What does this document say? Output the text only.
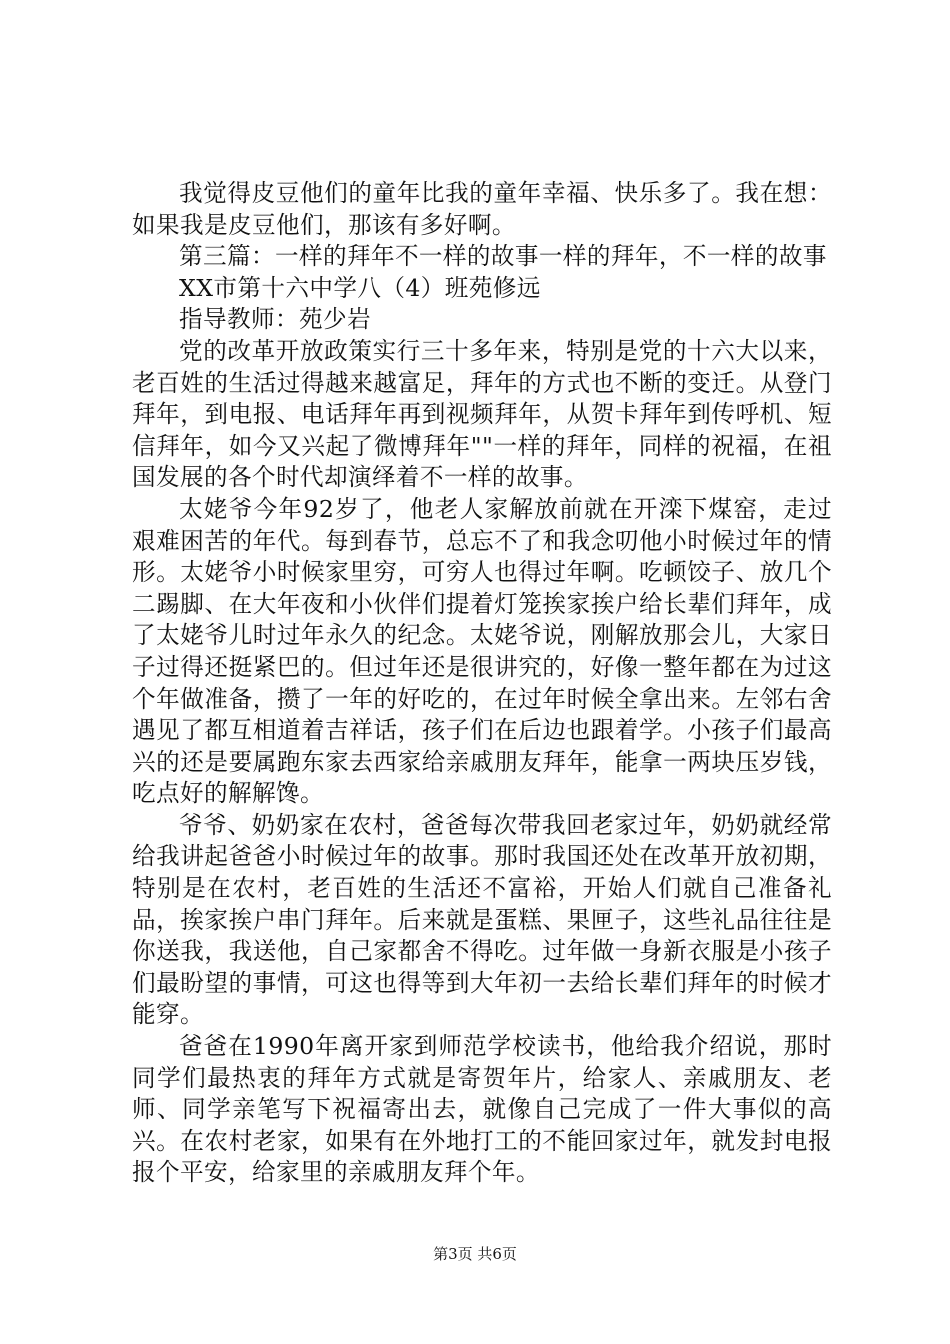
我觉得皮豆他们的童年比我的童年幸福、快乐多了。我在想：如果我是皮豆他们，那该有多好啊。

第三篇：一样的拜年不一样的故事一样的拜年，不一样的故事

XX市第十六中学八（4）班苑修远

指导教师：苑少岩

党的改革开放政策实行三十多年来，特别是党的十六大以来，老百姓的生活过得越来越富足，拜年的方式也不断的变迁。从登门拜年，到电报、电话拜年再到视频拜年，从贺卡拜年到传呼机、短信拜年，如今又兴起了微博拜年""一样的拜年，同样的祝福，在祖国发展的各个时代却演绎着不一样的故事。

太姥爷今年92岁了，他老人家解放前就在开滦下煤窑，走过艰难困苦的年代。每到春节，总忘不了和我念叨他小时候过年的情形。太姥爷小时候家里穷，可穷人也得过年啊。吃顿饺子、放几个二踢脚、在大年夜和小伙伴们提着灯笼挨家挨户给长辈们拜年，成了太姥爷儿时过年永久的纪念。太姥爷说，刚解放那会儿，大家日子过得还挺紧巴的。但过年还是很讲究的，好像一整年都在为过这个年做准备，攒了一年的好吃的，在过年时候全拿出来。左邻右舍遇见了都互相道着吉祥话，孩子们在后边也跟着学。小孩子们最高兴的还是要属跑东家去西家给亲戚朋友拜年，能拿一两块压岁钱，吃点好的解解馋。

爷爷、奶奶家在农村，爸爸每次带我回老家过年，奶奶就经常给我讲起爸爸小时候过年的故事。那时我国还处在改革开放初期，特别是在农村，老百姓的生活还不富裕，开始人们就自己准备礼品，挨家挨户串门拜年。后来就是蛋糕、果匣子，这些礼品往往是你送我，我送他，自己家都舍不得吃。过年做一身新衣服是小孩子们最盼望的事情，可这也得等到大年初一去给长辈们拜年的时候才能穿。

爸爸在1990年离开家到师范学校读书，他给我介绍说，那时同学们最热衷的拜年方式就是寄贺年片，给家人、亲戚朋友、老师、同学亲笔写下祝福寄出去，就像自己完成了一件大事似的高兴。在农村老家，如果有在外地打工的不能回家过年，就发封电报报个平安，给家里的亲戚朋友拜个年。

第3页 共6页
